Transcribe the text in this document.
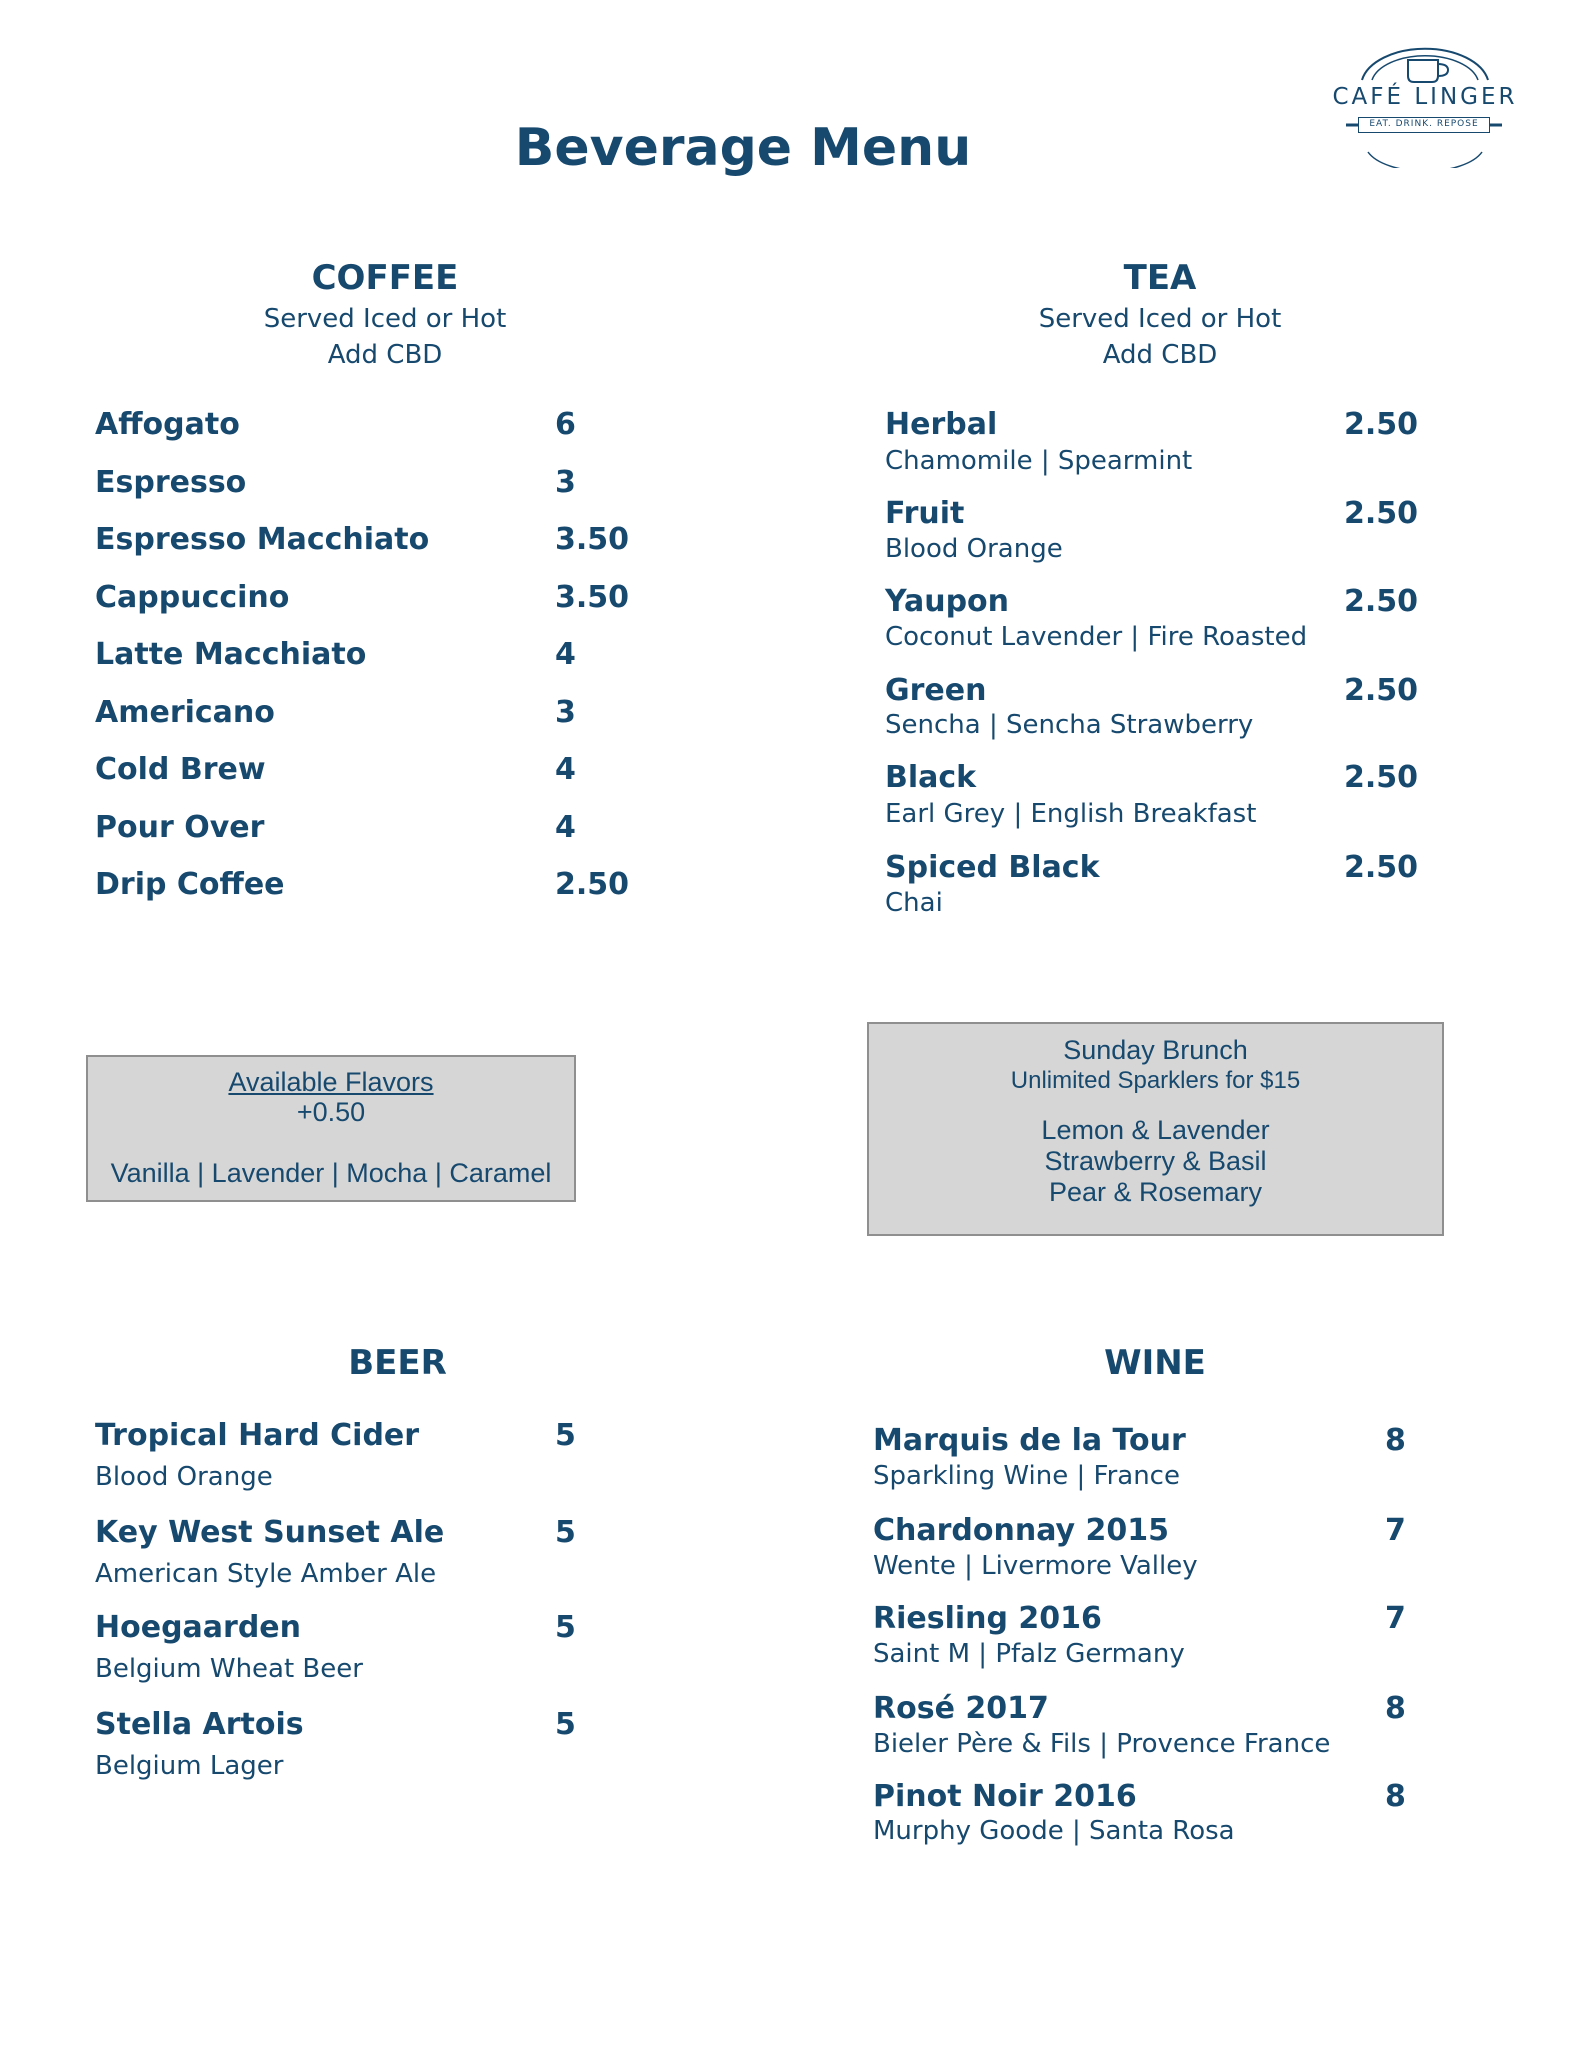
CAFÉ LINGER
EAT. DRINK. REPOSE
Beverage Menu
COFFEE
Served Iced or Hot
Add CBD
Affogato	6
Espresso	3
Espresso Macchiato	3.50
Cappuccino	3.50
Latte Macchiato	4
Americano	3
Cold Brew	4
Pour Over	4
Drip Coffee	2.50
TEA
Served Iced or Hot
Add CBD
Herbal	2.50
Chamomile | Spearmint
Fruit	2.50
Blood Orange
Yaupon	2.50
Coconut Lavender | Fire Roasted
Green	2.50
Sencha | Sencha Strawberry
Black	2.50
Earl Grey | English Breakfast
Spiced Black	2.50
Chai
Available Flavors
+0.50
Vanilla | Lavender | Mocha | Caramel
Sunday Brunch
Unlimited Sparklers for $15
Lemon & Lavender
Strawberry & Basil
Pear & Rosemary
BEER
Tropical Hard Cider	5
Blood Orange
Key West Sunset Ale	5
American Style Amber Ale
Hoegaarden	5
Belgium Wheat Beer
Stella Artois	5
Belgium Lager
WINE
Marquis de la Tour	8
Sparkling Wine | France
Chardonnay 2015	7
Wente | Livermore Valley
Riesling 2016	7
Saint M | Pfalz Germany
Rosé 2017	8
Bieler Père & Fils | Provence France
Pinot Noir 2016	8
Murphy Goode | Santa Rosa
